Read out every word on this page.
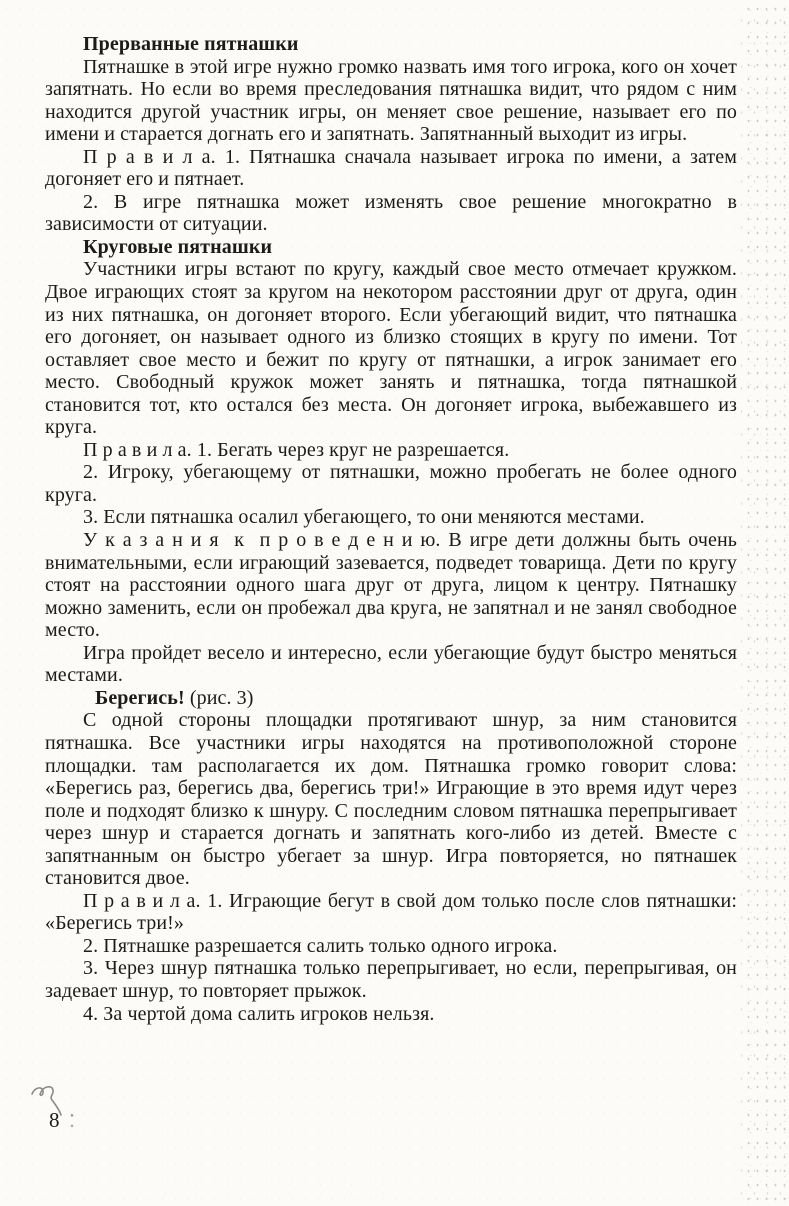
Прерванные пятнашки

Пятнашке в этой игре нужно громко назвать имя того игрока, кого он хочет запятнать. Но если во время преследования пятнашка видит, что рядом с ним находится другой участник игры, он меняет свое решение, называет его по имени и старается догнать его и запятнать. Запятнанный выходит из игры.

П р а в и л а. 1. Пятнашка сначала называет игрока по имени, а затем догоняет его и пятнает.

2. В игре пятнашка может изменять свое решение многократно в зависимости от ситуации.

Круговые пятнашки

Участники игры встают по кругу, каждый свое место отмечает кружком. Двое играющих стоят за кругом на некотором расстоянии друг от друга, один из них пятнашка, он догоняет второго. Если убегающий видит, что пятнашка его догоняет, он называет одного из близко стоящих в кругу по имени. Тот оставляет свое место и бежит по кругу от пятнашки, а игрок занимает его место. Свободный кружок может занять и пятнашка, тогда пятнашкой становится тот, кто остался без места. Он догоняет игрока, выбежавшего из круга.

П р а в и л а. 1. Бегать через круг не разрешается.

2. Игроку, убегающему от пятнашки, можно пробегать не более одного круга.

3. Если пятнашка осалил убегающего, то они меняются местами.

У к а з а н и я  к  п р о в е д е н и ю. В игре дети должны быть очень внимательными, если играющий зазевается, подведет товарища. Дети по кругу стоят на расстоянии одного шага друг от друга, лицом к центру. Пятнашку можно заменить, если он пробежал два круга, не запятнал и не занял свободное место.

Игра пройдет весело и интересно, если убегающие будут быстро меняться местами.

Берегись! (рис. 3)

С одной стороны площадки протягивают шнур, за ним становится пятнашка. Все участники игры находятся на противоположной стороне площадки. там располагается их дом. Пятнашка громко говорит слова: «Берегись раз, берегись два, берегись три!» Играющие в это время идут через поле и подходят близко к шнуру. С последним словом пятнашка перепрыгивает через шнур и старается догнать и запятнать кого-либо из детей. Вместе с запятнанным он быстро убегает за шнур. Игра повторяется, но пятнашек становится двое.

П р а в и л а. 1. Играющие бегут в свой дом только после слов пятнашки: «Берегись три!»

2. Пятнашке разрешается салить только одного игрока.

3. Через шнур пятнашка только перепрыгивает, но если, перепрыгивая, он задевает шнур, то повторяет прыжок.

4. За чертой дома салить игроков нельзя.

8
